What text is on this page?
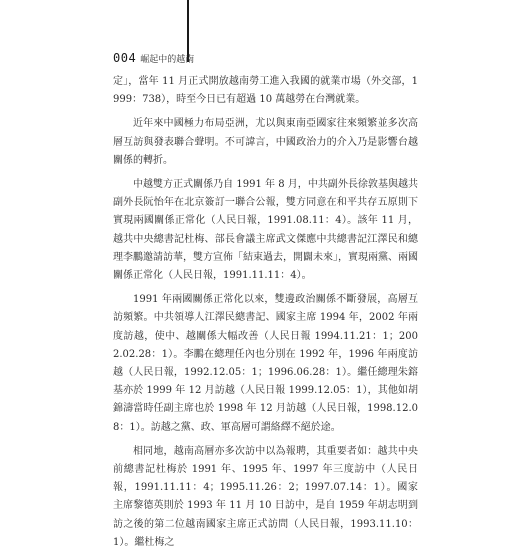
004 崛起中的越南

定」，當年 11 月正式開放越南勞工進入我國的就業市場（外交部，1999：738），時至今日已有超過 10 萬越勞在台灣就業。

近年來中國極力布局亞洲，尤以與東南亞國家往來頻繁並多次高層互訪與發表聯合聲明。不可諱言，中國政治力的介入乃是影響台越關係的轉折。

中越雙方正式關係乃自 1991 年 8 月，中共副外長徐敦基與越共副外長阮怡年在北京簽訂一聯合公報，雙方同意在和平共存五原則下實現兩國關係正常化（人民日報，1991.08.11：4）。該年 11 月，越共中央總書記杜梅、部長會議主席武文傑應中共總書記江澤民和總理李鵬邀請訪華，雙方宣佈「結束過去，開闢未來」，實現兩黨、兩國關係正常化（人民日報，1991.11.11：4）。

1991 年兩國關係正常化以來，雙邊政治關係不斷發展，高層互訪頻繁。中共領導人江澤民總書記、國家主席 1994 年，2002 年兩度訪越，使中、越關係大幅改善（人民日報 1994.11.21：1；2002.02.28：1）。李鵬在總理任內也分別在 1992 年，1996 年兩度訪越（人民日報，1992.12.05：1；1996.06.28：1）。繼任總理朱鎔基亦於 1999 年 12 月訪越（人民日報 1999.12.05：1），其他如胡錦濤當時任副主席也於 1998 年 12 月訪越（人民日報，1998.12.08：1）。訪越之黨、政、軍高層可謂絡繹不絕於途。

相同地，越南高層亦多次訪中以為報聘，其重要者如：越共中央前總書記杜梅於 1991 年、1995 年、1997 年三度訪中（人民日報，1991.11.11：4；1995.11.26：2；1997.07.14：1）。國家主席黎德英則於 1993 年 11 月 10 日訪中，是自 1959 年胡志明到訪之後的第二位越南國家主席正式訪問（人民日報，1993.11.10：1）。繼杜梅之
